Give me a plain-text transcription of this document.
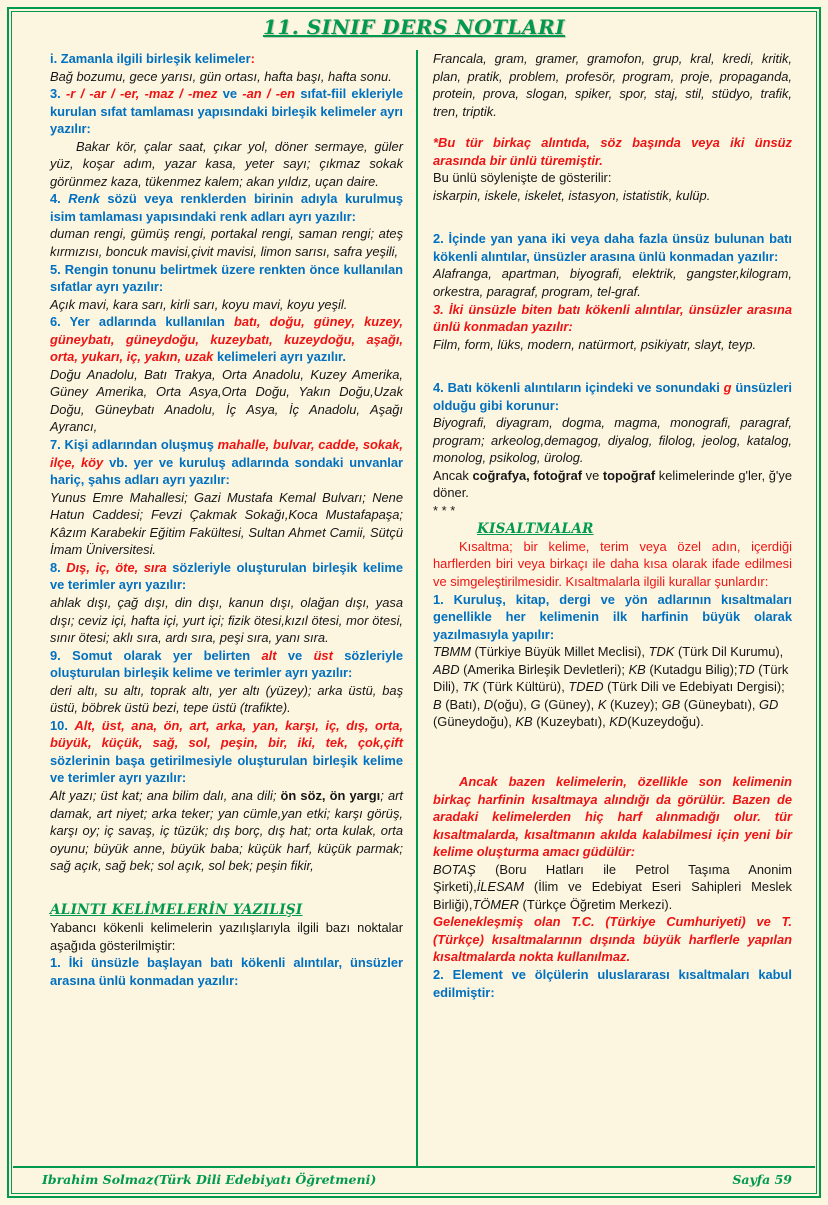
11. SINIF DERS NOTLARI

i. Zamanla ilgili birleşik kelimeler:

Bağ bozumu, gece yarısı, gün ortası, hafta başı, hafta sonu.

3. -r / -ar / -er, -maz / -mez ve -an / -en sıfat-fiil ekleriyle kurulan sıfat tamlaması yapısındaki birleşik kelimeler ayrı yazılır:

Bakar kör, çalar saat, çıkar yol, döner sermaye, güler yüz, koşar adım, yazar kasa, yeter sayı; çıkmaz sokak görünmez kaza, tükenmez kalem; akan yıldız, uçan daire.

4. Renk sözü veya renklerden birinin adıyla kurulmuş isim tamlaması yapısındaki renk adları ayrı yazılır:

duman rengi, gümüş rengi, portakal rengi, saman rengi; ateş kırmızısı, boncuk mavisi,çivit mavisi, limon sarısı, safra yeşili,

5. Rengin tonunu belirtmek üzere renkten önce kullanılan sıfatlar ayrı yazılır:

Açık mavi, kara sarı, kirli sarı, koyu mavi, koyu yeşil.

6. Yer adlarında kullanılan batı, doğu, güney, kuzey, güneybatı, güneydoğu, kuzeybatı, kuzeydoğu, aşağı, orta, yukarı, iç, yakın, uzak kelimeleri ayrı yazılır.

Doğu Anadolu, Batı Trakya, Orta Anadolu, Kuzey Amerika, Güney Amerika, Orta Asya,Orta Doğu, Yakın Doğu,Uzak Doğu, Güneybatı Anadolu, İç Asya, İç Anadolu, Aşağı Ayrancı,

7. Kişi adlarından oluşmuş mahalle, bulvar, cadde, sokak, ilçe, köy vb. yer ve kuruluş adlarında sondaki unvanlar hariç, şahıs adları ayrı yazılır:

Yunus Emre Mahallesi; Gazi Mustafa Kemal Bulvarı; Nene Hatun Caddesi; Fevzi Çakmak Sokağı,Koca Mustafapaşa; Kâzım Karabekir Eğitim Fakültesi, Sultan Ahmet Camii, Sütçü İmam Üniversitesi.

8. Dış, iç, öte, sıra sözleriyle oluşturulan birleşik kelime ve terimler ayrı yazılır:

ahlak dışı, çağ dışı, din dışı, kanun dışı, olağan dışı, yasa dışı; ceviz içi, hafta içi, yurt içi; fizik ötesi,kızıl ötesi, mor ötesi, sınır ötesi; aklı sıra, ardı sıra, peşi sıra, yanı sıra.

9. Somut olarak yer belirten alt ve üst sözleriyle oluşturulan birleşik kelime ve terimler ayrı yazılır:

deri altı, su altı, toprak altı, yer altı (yüzey); arka üstü, baş üstü, böbrek üstü bezi, tepe üstü (trafikte).

10. Alt, üst, ana, ön, art, arka, yan, karşı, iç, dış, orta, büyük, küçük, sağ, sol, peşin, bir, iki, tek, çok,çift sözlerinin başa getirilmesiyle oluşturulan birleşik kelime ve terimler ayrı yazılır:

Alt yazı; üst kat; ana bilim dalı, ana dili; ön söz, ön yargı; art damak, art niyet; arka teker; yan cümle,yan etki; karşı görüş, karşı oy; iç savaş, iç tüzük; dış borç, dış hat; orta kulak, orta oyunu; büyük anne, büyük baba; küçük harf, küçük parmak; sağ açık, sağ bek; sol açık, sol bek; peşin fikir,

ALINTI KELİMELERİN YAZILIŞI

Yabancı kökenli kelimelerin yazılışlarıyla ilgili bazı noktalar aşağıda gösterilmiştir:

1. İki ünsüzle başlayan batı kökenli alıntılar, ünsüzler arasına ünlü konmadan yazılır:

Francala, gram, gramer, gramofon, grup, kral, kredi, kritik, plan, pratik, problem, profesör, program, proje, propaganda, protein, prova, slogan, spiker, spor, staj, stil, stüdyo, trafik, tren, triptik.

*Bu tür birkaç alıntıda, söz başında veya iki ünsüz arasında bir ünlü türemiştir.

Bu ünlü söylenişte de gösterilir:

iskarpin, iskele, iskelet, istasyon, istatistik, kulüp.

2. İçinde yan yana iki veya daha fazla ünsüz bulunan batı kökenli alıntılar, ünsüzler arasına ünlü konmadan yazılır:

Alafranga, apartman, biyografi, elektrik, gangster,kilogram, orkestra, paragraf, program, tel-graf.

3. İki ünsüzle biten batı kökenli alıntılar, ünsüzler arasına ünlü konmadan yazılır:

Film, form, lüks, modern, natürmort, psikiyatr, slayt, teyp.

4. Batı kökenli alıntıların içindeki ve sonundaki g ünsüzleri olduğu gibi korunur:

Biyografi, diyagram, dogma, magma, monografi, paragraf, program; arkeolog,demagog, diyalog, filolog, jeolog, katalog, monolog, psikolog, ürolog.

Ancak coğrafya, fotoğraf ve topoğraf kelimelerinde g'ler, ğ'ye döner.

* * *

KISALTMALAR

Kısaltma; bir kelime, terim veya özel adın, içerdiği harflerden biri veya birkaçı ile daha kısa olarak ifade edilmesi ve simgeleştirilmesidir. Kısaltmalarla ilgili kurallar şunlardır:

1. Kuruluş, kitap, dergi ve yön adlarının kısaltmaları genellikle her kelimenin ilk harfinin büyük olarak yazılmasıyla yapılır:

TBMM (Türkiye Büyük Millet Meclisi), TDK (Türk Dil Kurumu), ABD (Amerika Birleşik Devletleri); KB (Kutadgu Bilig);TD (Türk Dili), TK (Türk Kültürü), TDED (Türk Dili ve Edebiyatı Dergisi); B (Batı), D(oğu), G (Güney), K (Kuzey); GB (Güneybatı), GD (Güneydoğu), KB (Kuzeybatı), KD(Kuzeydoğu).

Ancak bazen kelimelerin, özellikle son kelimenin birkaç harfinin kısaltmaya alındığı da görülür. Bazen de aradaki kelimelerden hiç harf alınmadığı olur. tür kısaltmalarda, kısaltmanın akılda kalabilmesi için yeni bir kelime oluşturma amacı güdülür:

BOTAŞ (Boru Hatları ile Petrol Taşıma Anonim Şirketi),İLESAM (İlim ve Edebiyat Eseri Sahipleri Meslek Birliği),TÖMER (Türkçe Öğretim Merkezi).

Gelenekleşmiş olan T.C. (Türkiye Cumhuriyeti) ve T. (Türkçe) kısaltmalarının dışında büyük harflerle yapılan kısaltmalarda nokta kullanılmaz.

2. Element ve ölçülerin uluslararası kısaltmaları kabul edilmiştir:

Ibrahim Solmaz(Türk Dili Edebiyatı Öğretmeni)	Sayfa 59
